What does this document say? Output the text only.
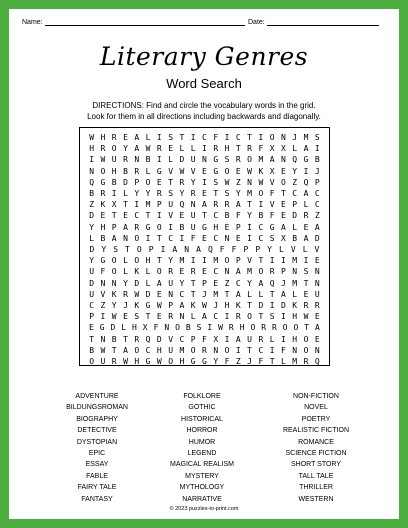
Name:	Date:
Literary Genres
Word Search
DIRECTIONS: Find and circle the vocabulary words in the grid.
Look for them in all directions including backwards and diagonally.
W H R E A L I S T I C F I C T I O N J M S
H R O Y A W R E L L I R H T R F X X L A I
I W U R N B I L D U N G S R O M A N Q G B
N O H B R L G V W V E G O E W K X E Y I J
Q G B D P O E T R Y I S W Z N W V O Z Q P
B R I L Y Y R S Y R E T S Y M O F T C A C
Z K X T I M P U Q N A R R A T I V E P L C
D E T E C T I V E U T C B F Y B F E D R Z
Y H P A R G O I B U G H E P I C G A L E A
L B A N O I T C I F E C N E I C S X B A D
D Y S T O P I A N A Q F F P P Y L V L V
Y G O L O H T Y M I I M O P V T I I M I E
U F O L K L O R E R E C N A M O R P N S N
D N N Y D L A U Y T P E Z C Y A Q J M T N
U V K R W D E N C T J M T A L L T A L E U
C Z Y J K G W P A K W J H K T D I D K R R
P I W E S T E R N L A C I R O T S I H W E
E G D L H X F N O B S I W R H O R R O O T A
T N B T R Q D V C P F X I A U R L I H O E
B W T A O C H U M O R N O I T C I F N O N
O U R W H G W O H G G Y F Z J F T L M R Q
ADVENTURE
BILDUNGSROMAN
BIOGRAPHY
DETECTIVE
DYSTOPIAN
EPIC
ESSAY
FABLE
FAIRY TALE
FANTASY
FOLKLORE
GOTHIC
HISTORICAL
HORROR
HUMOR
LEGEND
MAGICAL REALISM
MYSTERY
MYTHOLOGY
NARRATIVE
NON-FICTION
NOVEL
POETRY
REALISTIC FICTION
ROMANCE
SCIENCE FICTION
SHORT STORY
TALL TALE
THRILLER
WESTERN
© 2023 puzzles-to-print.com
